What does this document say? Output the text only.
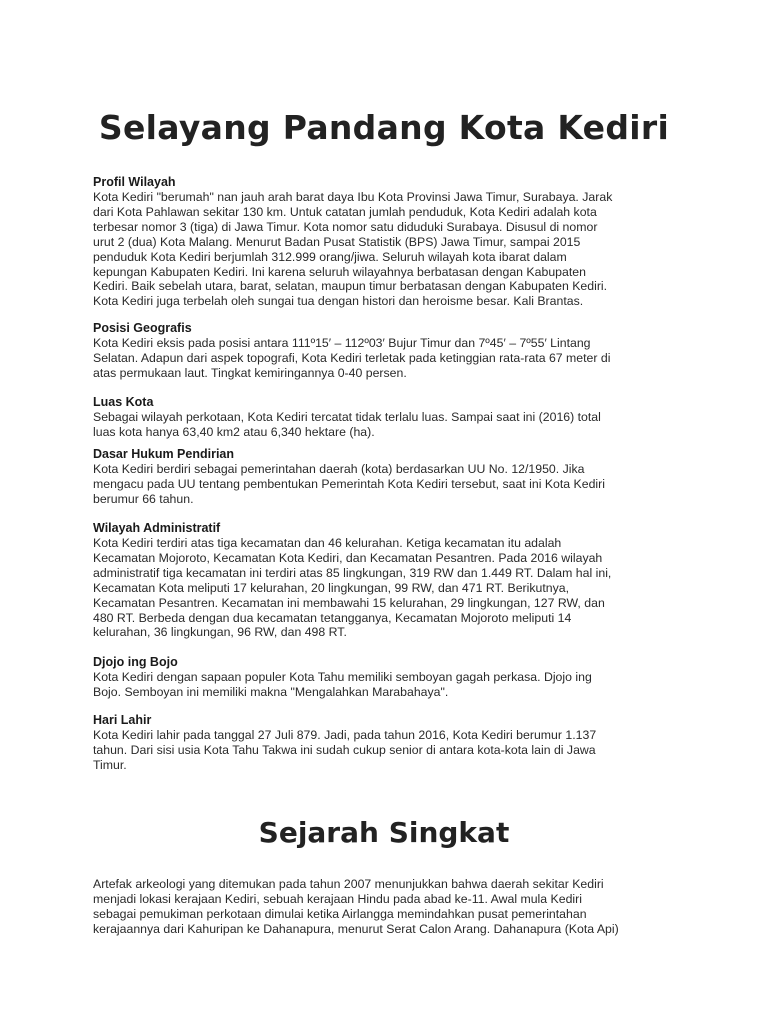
Selayang Pandang Kota Kediri
Profil Wilayah

Kota Kediri "berumah" nan jauh arah barat daya Ibu Kota Provinsi Jawa Timur, Surabaya. Jarak
dari Kota Pahlawan sekitar 130 km. Untuk catatan jumlah penduduk, Kota Kediri adalah kota
terbesar nomor 3 (tiga) di Jawa Timur. Kota nomor satu diduduki Surabaya. Disusul di nomor
urut 2 (dua) Kota Malang. Menurut Badan Pusat Statistik (BPS) Jawa Timur, sampai 2015
penduduk Kota Kediri berjumlah 312.999 orang/jiwa. Seluruh wilayah kota ibarat dalam
kepungan Kabupaten Kediri. Ini karena seluruh wilayahnya berbatasan dengan Kabupaten
Kediri. Baik sebelah utara, barat, selatan, maupun timur berbatasan dengan Kabupaten Kediri.
Kota Kediri juga terbelah oleh sungai tua dengan histori dan heroisme besar. Kali Brantas.

Posisi Geografis

Kota Kediri eksis pada posisi antara 111º15′ – 112º03′ Bujur Timur dan 7º45′ – 7º55′ Lintang
Selatan. Adapun dari aspek topografi, Kota Kediri terletak pada ketinggian rata-rata 67 meter di
atas permukaan laut. Tingkat kemiringannya 0-40 persen.

Luas Kota

Sebagai wilayah perkotaan, Kota Kediri tercatat tidak terlalu luas. Sampai saat ini (2016) total
luas kota hanya 63,40 km2 atau 6,340 hektare (ha).

Dasar Hukum Pendirian

Kota Kediri berdiri sebagai pemerintahan daerah (kota) berdasarkan UU No. 12/1950. Jika
mengacu pada UU tentang pembentukan Pemerintah Kota Kediri tersebut, saat ini Kota Kediri
berumur 66 tahun.

Wilayah Administratif

Kota Kediri terdiri atas tiga kecamatan dan 46 kelurahan. Ketiga kecamatan itu adalah
Kecamatan Mojoroto, Kecamatan Kota Kediri, dan Kecamatan Pesantren. Pada 2016 wilayah
administratif tiga kecamatan ini terdiri atas 85 lingkungan, 319 RW dan 1.449 RT. Dalam hal ini,
Kecamatan Kota meliputi 17 kelurahan, 20 lingkungan, 99 RW, dan 471 RT. Berikutnya,
Kecamatan Pesantren. Kecamatan ini membawahi 15 kelurahan, 29 lingkungan, 127 RW, dan
480 RT. Berbeda dengan dua kecamatan tetangganya, Kecamatan Mojoroto meliputi 14
kelurahan, 36 lingkungan, 96 RW, dan 498 RT.

Djojo ing Bojo

Kota Kediri dengan sapaan populer Kota Tahu memiliki semboyan gagah perkasa. Djojo ing
Bojo. Semboyan ini memiliki makna "Mengalahkan Marabahaya".

Hari Lahir

Kota Kediri lahir pada tanggal 27 Juli 879. Jadi, pada tahun 2016, Kota Kediri berumur 1.137
tahun. Dari sisi usia Kota Tahu Takwa ini sudah cukup senior di antara kota-kota lain di Jawa
Timur.

Sejarah Singkat

Artefak arkeologi yang ditemukan pada tahun 2007 menunjukkan bahwa daerah sekitar Kediri
menjadi lokasi kerajaan Kediri, sebuah kerajaan Hindu pada abad ke-11. Awal mula Kediri
sebagai pemukiman perkotaan dimulai ketika Airlangga memindahkan pusat pemerintahan
kerajaannya dari Kahuripan ke Dahanapura, menurut Serat Calon Arang. Dahanapura (Kota Api)
